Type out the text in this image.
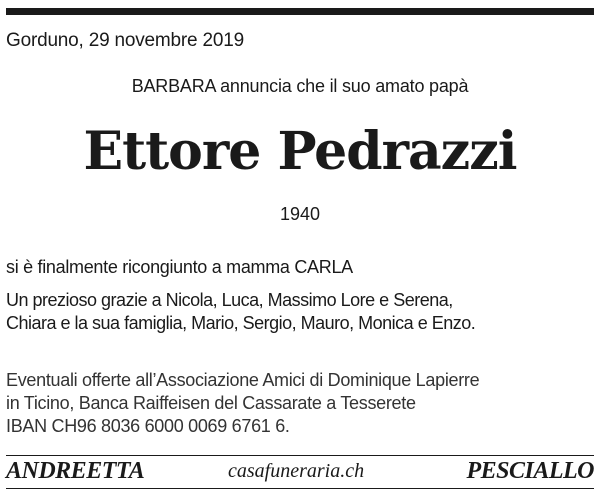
Gorduno, 29 novembre 2019
BARBARA annuncia che il suo amato papà
Ettore Pedrazzi
1940
si è finalmente ricongiunto a mamma CARLA
Un prezioso grazie a Nicola, Luca, Massimo Lore e Serena,
Chiara e la sua famiglia, Mario, Sergio, Mauro, Monica e Enzo.
Eventuali offerte all’Associazione Amici di Dominique Lapierre
in Ticino, Banca Raiffeisen del Cassarate a Tesserete
IBAN CH96 8036 6000 0069 6761 6.
ANDREETTA	casafuneraria.ch	PESCIALLO
